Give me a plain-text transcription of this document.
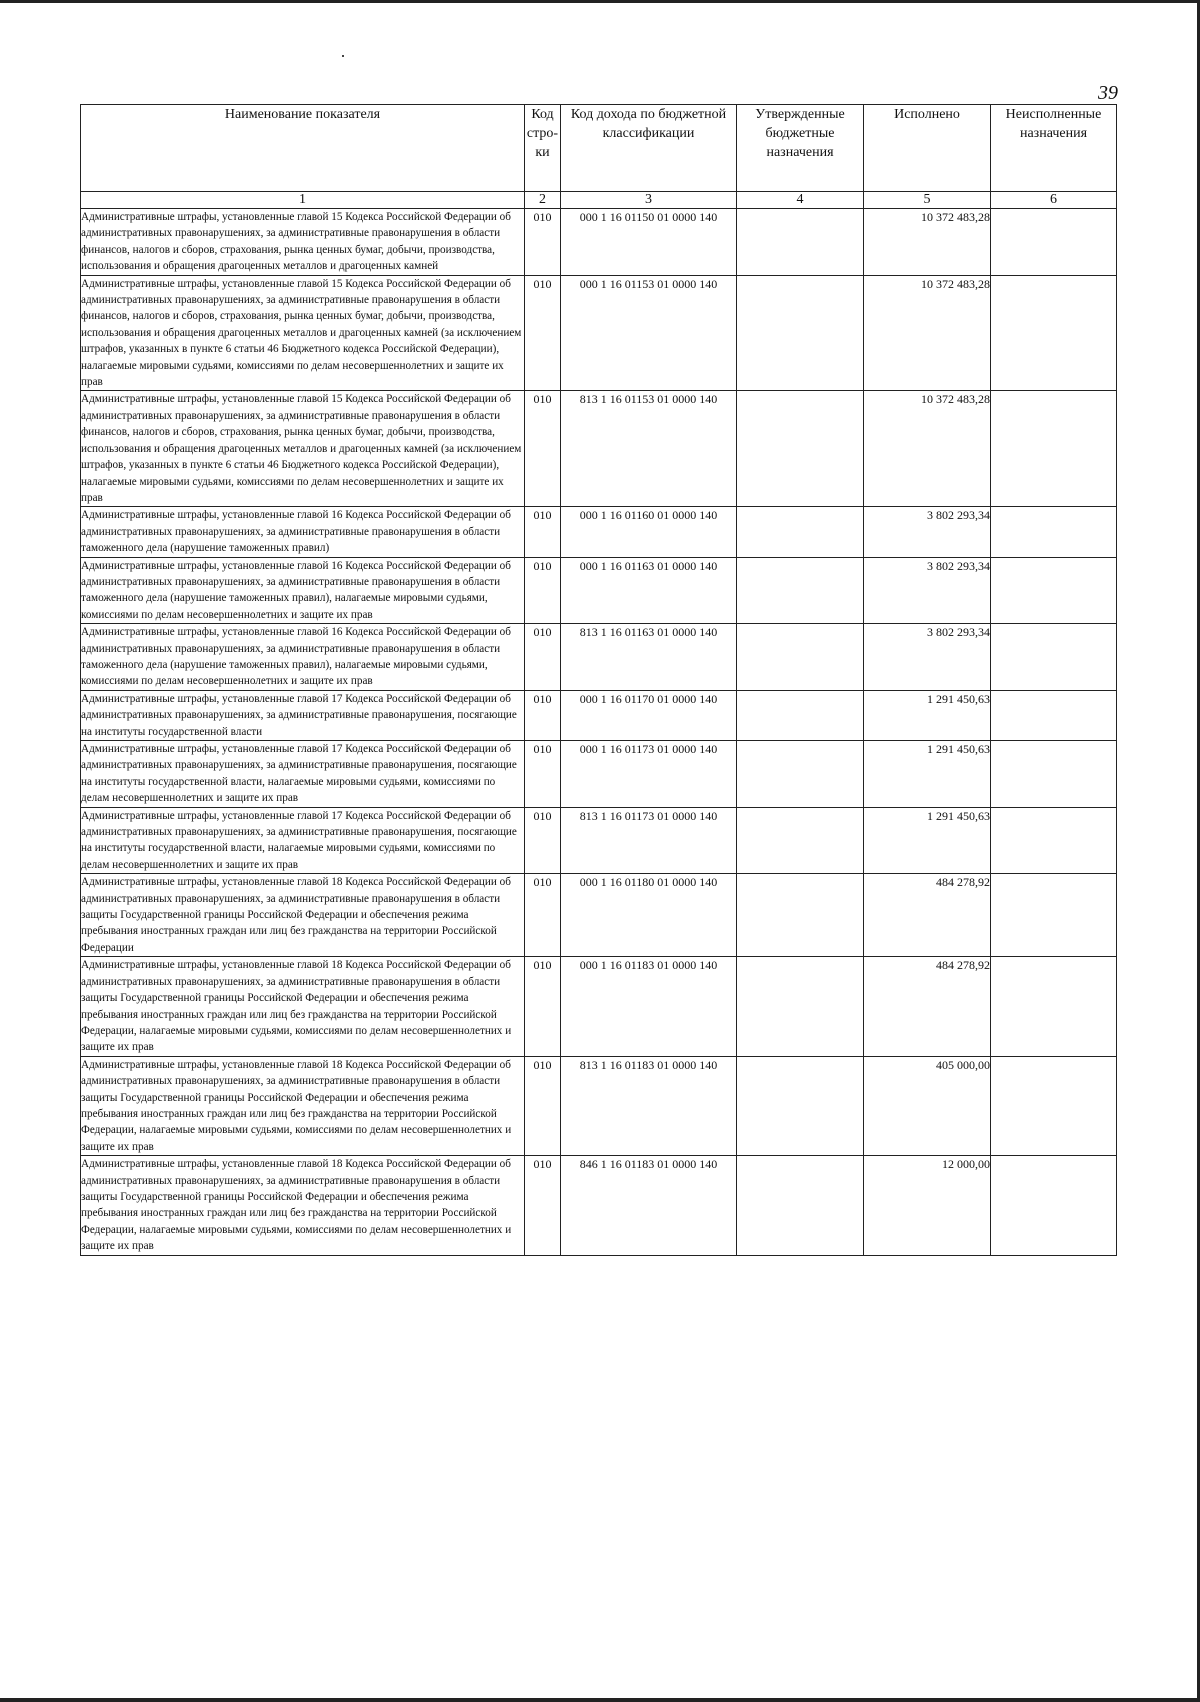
39
Наименование показателя	Код стро-ки	Код дохода по бюджетной классификации	Утвержденные бюджетные назначения	Исполнено	Неисполненные назначения
1	2	3	4	5	6
Административные штрафы, установленные главой 15 Кодекса Российской Федерации об административных правонарушениях, за административные правонарушения в области финансов, налогов и сборов, страхования, рынка ценных бумаг, добычи, производства, использования и обращения драгоценных металлов и драгоценных камней	010	000 1 16 01150 01 0000 140		10 372 483,28	
Административные штрафы, установленные главой 15 Кодекса Российской Федерации об административных правонарушениях, за административные правонарушения в области финансов, налогов и сборов, страхования, рынка ценных бумаг, добычи, производства, использования и обращения драгоценных металлов и драгоценных камней (за исключением штрафов, указанных в пункте 6 статьи 46 Бюджетного кодекса Российской Федерации), налагаемые мировыми судьями, комиссиями по делам несовершеннолетних и защите их прав	010	000 1 16 01153 01 0000 140		10 372 483,28	
Административные штрафы, установленные главой 15 Кодекса Российской Федерации об административных правонарушениях, за административные правонарушения в области финансов, налогов и сборов, страхования, рынка ценных бумаг, добычи, производства, использования и обращения драгоценных металлов и драгоценных камней (за исключением штрафов, указанных в пункте 6 статьи 46 Бюджетного кодекса Российской Федерации), налагаемые мировыми судьями, комиссиями по делам несовершеннолетних и защите их прав	010	813 1 16 01153 01 0000 140		10 372 483,28	
Административные штрафы, установленные главой 16 Кодекса Российской Федерации об административных правонарушениях, за административные правонарушения в области таможенного дела (нарушение таможенных правил)	010	000 1 16 01160 01 0000 140		3 802 293,34	
Административные штрафы, установленные главой 16 Кодекса Российской Федерации об административных правонарушениях, за административные правонарушения в области таможенного дела (нарушение таможенных правил), налагаемые мировыми судьями, комиссиями по делам несовершеннолетних и защите их прав	010	000 1 16 01163 01 0000 140		3 802 293,34	
Административные штрафы, установленные главой 16 Кодекса Российской Федерации об административных правонарушениях, за административные правонарушения в области таможенного дела (нарушение таможенных правил), налагаемые мировыми судьями, комиссиями по делам несовершеннолетних и защите их прав	010	813 1 16 01163 01 0000 140		3 802 293,34	
Административные штрафы, установленные главой 17 Кодекса Российской Федерации об административных правонарушениях, за административные правонарушения, посягающие на институты государственной власти	010	000 1 16 01170 01 0000 140		1 291 450,63	
Административные штрафы, установленные главой 17 Кодекса Российской Федерации об административных правонарушениях, за административные правонарушения, посягающие на институты государственной власти, налагаемые мировыми судьями, комиссиями по делам несовершеннолетних и защите их прав	010	000 1 16 01173 01 0000 140		1 291 450,63	
Административные штрафы, установленные главой 17 Кодекса Российской Федерации об административных правонарушениях, за административные правонарушения, посягающие на институты государственной власти, налагаемые мировыми судьями, комиссиями по делам несовершеннолетних и защите их прав	010	813 1 16 01173 01 0000 140		1 291 450,63	
Административные штрафы, установленные главой 18 Кодекса Российской Федерации об административных правонарушениях, за административные правонарушения в области защиты Государственной границы Российской Федерации и обеспечения режима пребывания иностранных граждан или лиц без гражданства на территории Российской Федерации	010	000 1 16 01180 01 0000 140		484 278,92	
Административные штрафы, установленные главой 18 Кодекса Российской Федерации об административных правонарушениях, за административные правонарушения в области защиты Государственной границы Российской Федерации и обеспечения режима пребывания иностранных граждан или лиц без гражданства на территории Российской Федерации, налагаемые мировыми судьями, комиссиями по делам несовершеннолетних и защите их прав	010	000 1 16 01183 01 0000 140		484 278,92	
Административные штрафы, установленные главой 18 Кодекса Российской Федерации об административных правонарушениях, за административные правонарушения в области защиты Государственной границы Российской Федерации и обеспечения режима пребывания иностранных граждан или лиц без гражданства на территории Российской Федерации, налагаемые мировыми судьями, комиссиями по делам несовершеннолетних и защите их прав	010	813 1 16 01183 01 0000 140		405 000,00	
Административные штрафы, установленные главой 18 Кодекса Российской Федерации об административных правонарушениях, за административные правонарушения в области защиты Государственной границы Российской Федерации и обеспечения режима пребывания иностранных граждан или лиц без гражданства на территории Российской Федерации, налагаемые мировыми судьями, комиссиями по делам несовершеннолетних и защите их прав	010	846 1 16 01183 01 0000 140		12 000,00	
